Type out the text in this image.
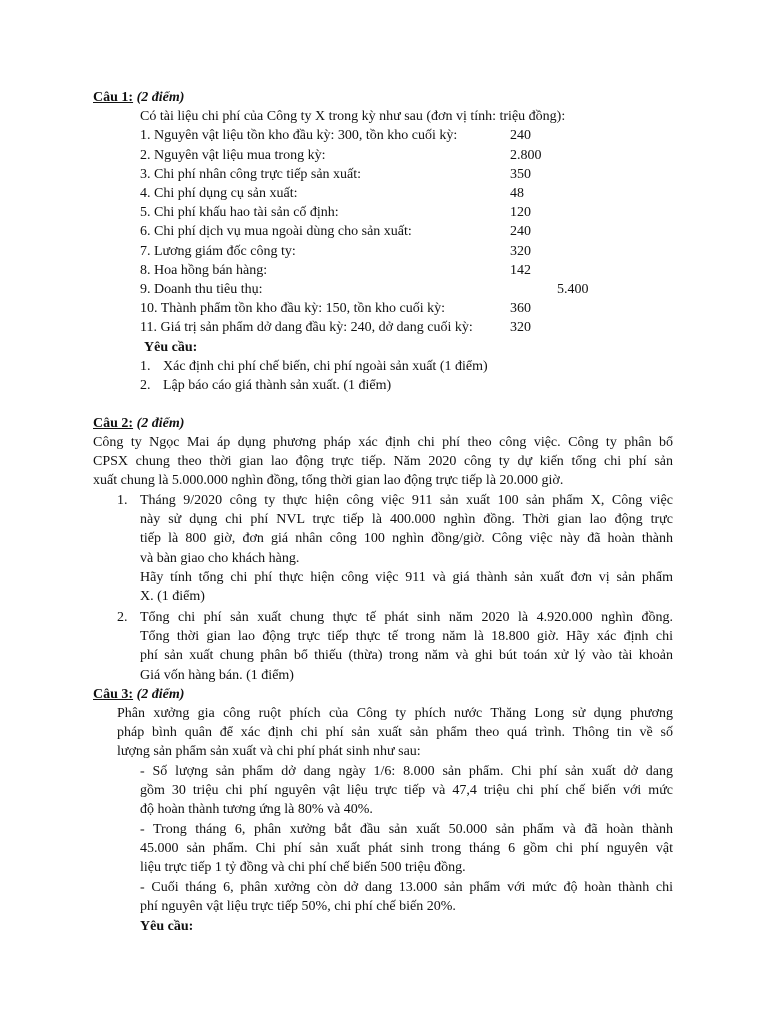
Câu 1: (2 điểm)
Có tài liệu chi phí của Công ty X trong kỳ như sau (đơn vị tính: triệu đồng):
1. Nguyên vật liệu tồn kho đầu kỳ: 300, tồn kho cuối kỳ:	240
2. Nguyên vật liệu mua trong kỳ:	2.800
3. Chi phí nhân công trực tiếp sản xuất:	350
4. Chi phí dụng cụ sản xuất:	48
5. Chi phí khấu hao tài sản cố định:	120
6. Chi phí dịch vụ mua ngoài dùng cho sản xuất:	240
7. Lương giám đốc công ty:	320
8. Hoa hồng bán hàng:	142
9. Doanh thu tiêu thụ:	5.400
10. Thành phẩm tồn kho đầu kỳ: 150, tồn kho cuối kỳ:	360
11. Giá trị sản phẩm dở dang đầu kỳ: 240, dở dang cuối kỳ:	320
Yêu cầu:
1. Xác định chi phí chế biến, chi phí ngoài sản xuất (1 điểm)
2. Lập báo cáo giá thành sản xuất. (1 điểm)
Câu 2: (2 điểm)
Công ty Ngọc Mai áp dụng phương pháp xác định chi phí theo công việc. Công ty phân bổ
CPSX chung theo thời gian lao động trực tiếp. Năm 2020 công ty dự kiến tổng chi phí sản
xuất chung là 5.000.000 nghìn đồng, tổng thời gian lao động trực tiếp là 20.000 giờ.
1. Tháng 9/2020 công ty thực hiện công việc 911 sản xuất 100 sản phẩm X, Công việc
này sử dụng chi phí NVL trực tiếp là 400.000 nghìn đồng. Thời gian lao động trực
tiếp là 800 giờ, đơn giá nhân công 100 nghìn đồng/giờ. Công việc này đã hoàn thành
và bàn giao cho khách hàng.
Hãy tính tổng chi phí thực hiện công việc 911 và giá thành sản xuất đơn vị sản phẩm
X. (1 điểm)
2. Tổng chi phí sản xuất chung thực tế phát sinh năm 2020 là 4.920.000 nghìn đồng.
Tổng thời gian lao động trực tiếp thực tế trong năm là 18.800 giờ. Hãy xác định chi
phí sản xuất chung phân bổ thiếu (thừa) trong năm và ghi bút toán xử lý vào tài khoản
Giá vốn hàng bán. (1 điểm)
Câu 3: (2 điểm)
Phân xưởng gia công ruột phích của Công ty phích nước Thăng Long sử dụng phương
pháp bình quân để xác định chi phí sản xuất sản phẩm theo quá trình. Thông tin về số
lượng sản phẩm sản xuất và chi phí phát sinh như sau:
- Số lượng sản phẩm dở dang ngày 1/6: 8.000 sản phẩm. Chi phí sản xuất dở dang
gồm 30 triệu chi phí nguyên vật liệu trực tiếp và 47,4 triệu chi phí chế biến với mức
độ hoàn thành tương ứng là 80% và 40%.
- Trong tháng 6, phân xưởng bắt đầu sản xuất 50.000 sản phẩm và đã hoàn thành
45.000 sản phẩm. Chi phí sản xuất phát sinh trong tháng 6 gồm chi phí nguyên vật
liệu trực tiếp 1 tỷ đồng và chi phí chế biến 500 triệu đồng.
- Cuối tháng 6, phân xưởng còn dở dang 13.000 sản phẩm với mức độ hoàn thành chi
phí nguyên vật liệu trực tiếp 50%, chi phí chế biến 20%.
Yêu cầu:
